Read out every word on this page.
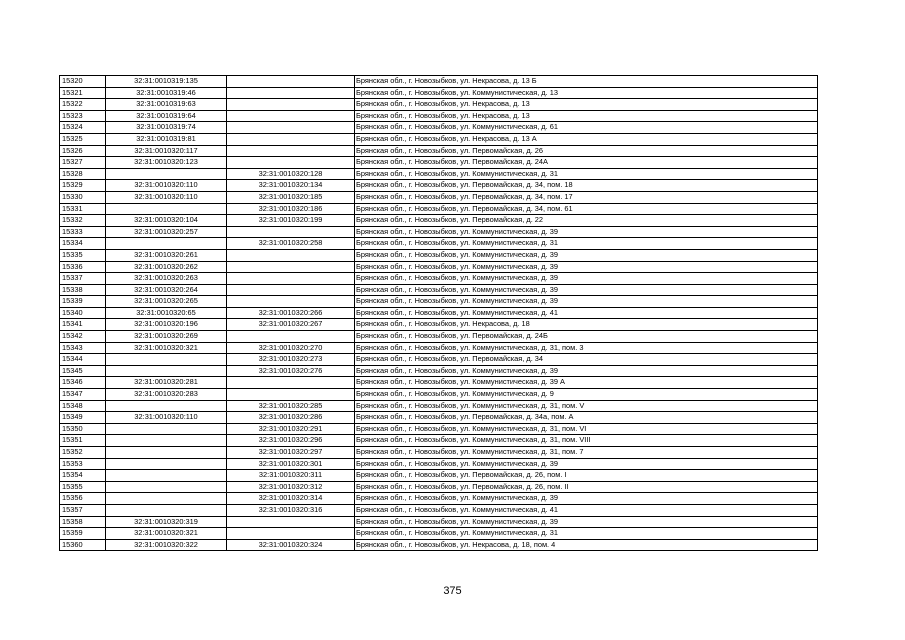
15320	32:31:0010319:135		Брянская обл., г. Новозыбков, ул. Некрасова, д. 13 Б
15321	32:31:0010319:46		Брянская обл., г. Новозыбков, ул. Коммунистическая, д. 13
15322	32:31:0010319:63		Брянская обл., г. Новозыбков, ул. Некрасова, д. 13
15323	32:31:0010319:64		Брянская обл., г. Новозыбков, ул. Некрасова, д. 13
15324	32:31:0010319:74		Брянская обл., г. Новозыбков, ул. Коммунистическая, д. 61
15325	32:31:0010319:81		Брянская обл., г. Новозыбков, ул. Некрасова, д. 13 А
15326	32:31:0010320:117		Брянская обл., г. Новозыбков, ул. Первомайская, д. 26
15327	32:31:0010320:123		Брянская обл., г. Новозыбков, ул. Первомайская, д. 24А
15328		32:31:0010320:128	Брянская обл., г. Новозыбков, ул. Коммунистическая, д. 31
15329	32:31:0010320:110	32:31:0010320:134	Брянская обл., г. Новозыбков, ул. Первомайская, д. 34, пом. 18
15330	32:31:0010320:110	32:31:0010320:185	Брянская обл., г. Новозыбков, ул. Первомайская, д. 34, пом. 17
15331		32:31:0010320:186	Брянская обл., г. Новозыбков, ул. Первомайская, д. 34, пом. 61
15332	32:31:0010320:104	32:31:0010320:199	Брянская обл., г. Новозыбков, ул. Первомайская, д. 22
15333	32:31:0010320:257		Брянская обл., г. Новозыбков, ул. Коммунистическая, д. 39
15334		32:31:0010320:258	Брянская обл., г. Новозыбков, ул. Коммунистическая, д. 31
15335	32:31:0010320:261		Брянская обл., г. Новозыбков, ул. Коммунистическая, д. 39
15336	32:31:0010320:262		Брянская обл., г. Новозыбков, ул. Коммунистическая, д. 39
15337	32:31:0010320:263		Брянская обл., г. Новозыбков, ул. Коммунистическая, д. 39
15338	32:31:0010320:264		Брянская обл., г. Новозыбков, ул. Коммунистическая, д. 39
15339	32:31:0010320:265		Брянская обл., г. Новозыбков, ул. Коммунистическая, д. 39
15340	32:31:0010320:65	32:31:0010320:266	Брянская обл., г. Новозыбков, ул. Коммунистическая, д. 41
15341	32:31:0010320:196	32:31:0010320:267	Брянская обл., г. Новозыбков, ул. Некрасова, д. 18
15342	32:31:0010320:269		Брянская обл., г. Новозыбков, ул. Первомайская, д. 24Б
15343	32:31:0010320:321	32:31:0010320:270	Брянская обл., г. Новозыбков, ул. Коммунистическая, д. 31, пом. 3
15344		32:31:0010320:273	Брянская обл., г. Новозыбков, ул. Первомайская, д. 34
15345		32:31:0010320:276	Брянская обл., г. Новозыбков, ул. Коммунистическая, д. 39
15346	32:31:0010320:281		Брянская обл., г. Новозыбков, ул. Коммунистическая, д. 39 А
15347	32:31:0010320:283		Брянская обл., г. Новозыбков, ул. Коммунистическая, д. 9
15348		32:31:0010320:285	Брянская обл., г. Новозыбков, ул. Коммунистическая, д. 31, пом. V
15349	32:31:0010320:110	32:31:0010320:286	Брянская обл., г. Новозыбков, ул. Первомайская, д. 34а, пом. А
15350		32:31:0010320:291	Брянская обл., г. Новозыбков, ул. Коммунистическая, д. 31, пом. VI
15351		32:31:0010320:296	Брянская обл., г. Новозыбков, ул. Коммунистическая, д. 31, пом. VIII
15352		32:31:0010320:297	Брянская обл., г. Новозыбков, ул. Коммунистическая, д. 31, пом. 7
15353		32:31:0010320:301	Брянская обл., г. Новозыбков, ул. Коммунистическая, д. 39
15354		32:31:0010320:311	Брянская обл., г. Новозыбков, ул. Первомайская, д. 26, пом. I
15355		32:31:0010320:312	Брянская обл., г. Новозыбков, ул. Первомайская, д. 26, пом. II
15356		32:31:0010320:314	Брянская обл., г. Новозыбков, ул. Коммунистическая, д. 39
15357		32:31:0010320:316	Брянская обл., г. Новозыбков, ул. Коммунистическая, д. 41
15358	32:31:0010320:319		Брянская обл., г. Новозыбков, ул. Коммунистическая, д. 39
15359	32:31:0010320:321		Брянская обл., г. Новозыбков, ул. Коммунистическая, д. 31
15360	32:31:0010320:322	32:31:0010320:324	Брянская обл., г. Новозыбков, ул. Некрасова, д. 18, пом. 4
375
